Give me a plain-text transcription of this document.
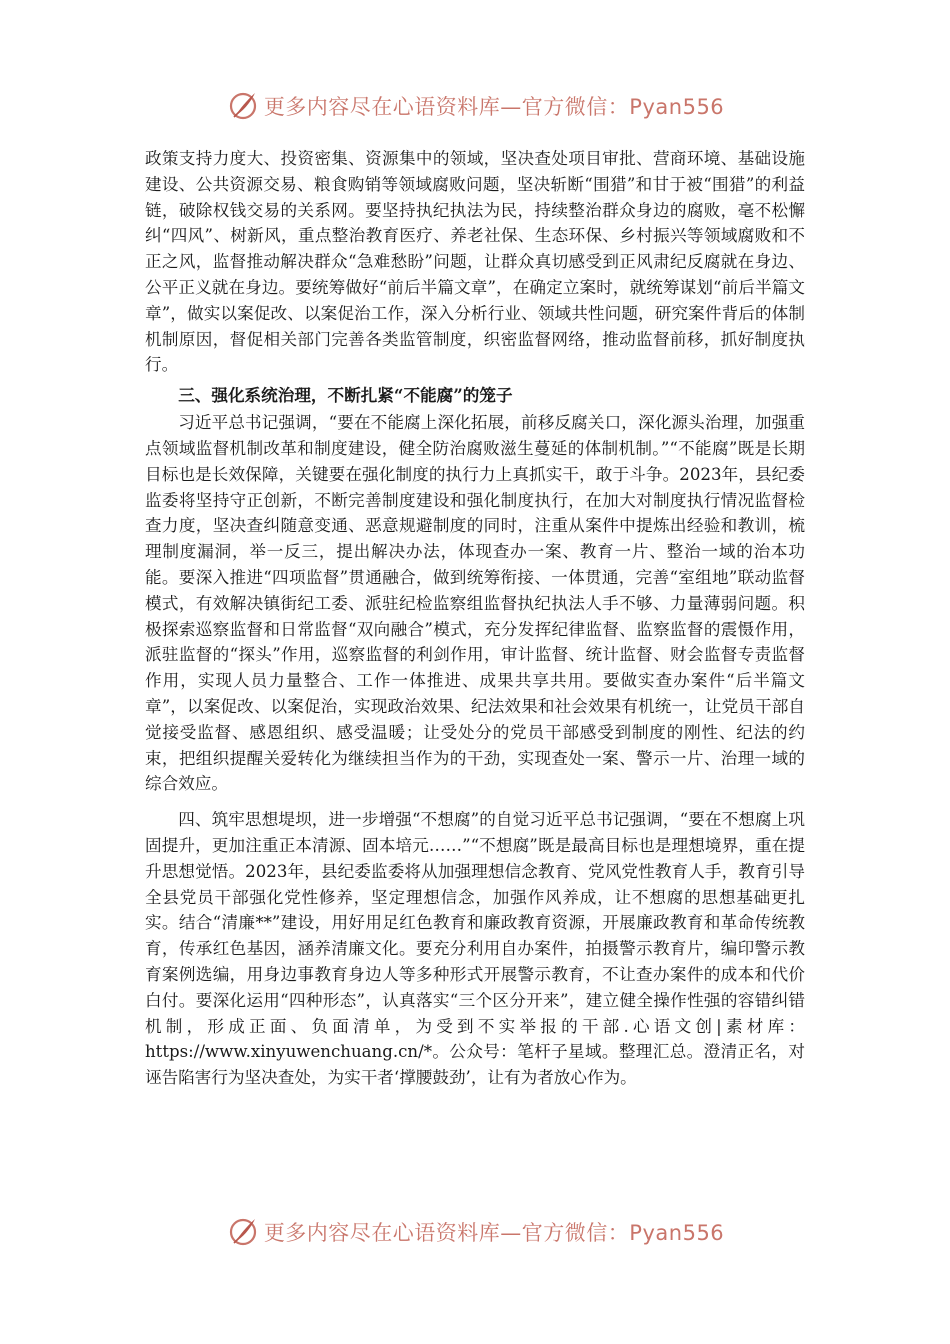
更多内容尽在心语资料库—官方微信：Pyan556

政策支持力度大、投资密集、资源集中的领域，坚决查处项目审批、营商环境、基础设施建设、公共资源交易、粮食购销等领域腐败问题，坚决斩断“围猎”和甘于被“围猎”的利益链，破除权钱交易的关系网。要坚持执纪执法为民，持续整治群众身边的腐败，毫不松懈纠“四风”、树新风，重点整治教育医疗、养老社保、生态环保、乡村振兴等领域腐败和不正之风，监督推动解决群众“急难愁盼”问题，让群众真切感受到正风肃纪反腐就在身边、公平正义就在身边。要统筹做好“前后半篇文章”，在确定立案时，就统筹谋划“前后半篇文章”，做实以案促改、以案促治工作，深入分析行业、领域共性问题，研究案件背后的体制机制原因，督促相关部门完善各类监管制度，织密监督网络，推动监督前移，抓好制度执行。

三、强化系统治理，不断扎紧“不能腐”的笼子

习近平总书记强调，“要在不能腐上深化拓展，前移反腐关口，深化源头治理，加强重点领域监督机制改革和制度建设，健全防治腐败滋生蔓延的体制机制。”“不能腐”既是长期目标也是长效保障，关键要在强化制度的执行力上真抓实干，敢于斗争。2023年，县纪委监委将坚持守正创新，不断完善制度建设和强化制度执行，在加大对制度执行情况监督检查力度，坚决查纠随意变通、恶意规避制度的同时，注重从案件中提炼出经验和教训，梳理制度漏洞，举一反三，提出解决办法，体现查办一案、教育一片、整治一域的治本功能。要深入推进“四项监督”贯通融合，做到统筹衔接、一体贯通，完善“室组地”联动监督模式，有效解决镇街纪工委、派驻纪检监察组监督执纪执法人手不够、力量薄弱问题。积极探索巡察监督和日常监督“双向融合”模式，充分发挥纪律监督、监察监督的震慑作用，派驻监督的“探头”作用，巡察监督的利剑作用，审计监督、统计监督、财会监督专责监督作用，实现人员力量整合、工作一体推进、成果共享共用。要做实查办案件“后半篇文章”，以案促改、以案促治，实现政治效果、纪法效果和社会效果有机统一，让党员干部自觉接受监督、感恩组织、感受温暖；让受处分的党员干部感受到制度的刚性、纪法的约束，把组织提醒关爱转化为继续担当作为的干劲，实现查处一案、警示一片、治理一域的综合效应。

四、筑牢思想堤坝，进一步增强“不想腐”的自觉习近平总书记强调，“要在不想腐上巩固提升，更加注重正本清源、固本培元……”“不想腐”既是最高目标也是理想境界，重在提升思想觉悟。2023年，县纪委监委将从加强理想信念教育、党风党性教育人手，教育引导全县党员干部强化党性修养，坚定理想信念，加强作风养成，让不想腐的思想基础更扎实。结合“清廉**”建设，用好用足红色教育和廉政教育资源，开展廉政教育和革命传统教育，传承红色基因，涵养清廉文化。要充分利用自办案件，拍摄警示教育片，编印警示教育案例选编，用身边事教育身边人等多种形式开展警示教育，不让查办案件的成本和代价白付。要深化运用“四种形态”，认真落实“三个区分开来”，建立健全操作性强的容错纠错机制，形成正面、负面清单，为受到不实举报的干部.心语文创|素材库：https://www.xinyuwenchuang.cn/*。公众号：笔杆子星域。整理汇总。澄清正名，对诬告陷害行为坚决查处，为实干者‘撑腰鼓劲’，让有为者放心作为。

更多内容尽在心语资料库—官方微信：Pyan556
